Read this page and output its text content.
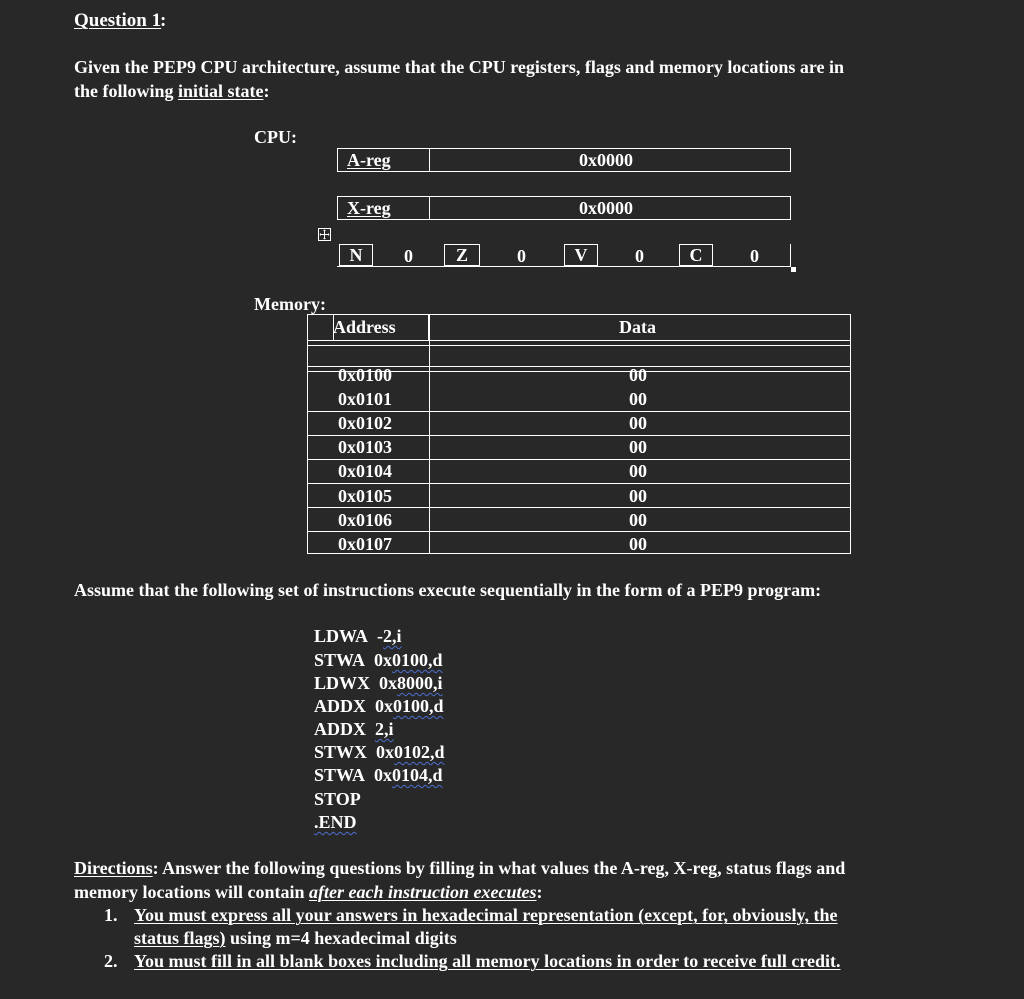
Question 1
:
Given the PEP9 CPU architecture, assume that the CPU registers, flags and memory locations are in
the following initial state:
CPU:
A-reg	0x0000
X-reg	0x0000
N	0	Z	0	V	0	C	0
Memory:
Address	Data
0x0100	00
0x0101	00
0x0102	00
0x0103	00
0x0104	00
0x0105	00
0x0106	00
0x0107	00
Assume that the following set of instructions execute sequentially in the form of a PEP9 program:
LDWA -2,i
STWA 0x0100,d
LDWX 0x8000,i
ADDX 0x0100,d
ADDX 2,i
STWX 0x0102,d
STWA 0x0104,d
STOP
.END
Directions: Answer the following questions by filling in what values the A-reg, X-reg, status flags and
memory locations will contain after each instruction executes:
1. You must express all your answers in hexadecimal representation (except, for, obviously, the
status flags) using m=4 hexadecimal digits
2. You must fill in all blank boxes including all memory locations in order to receive full credit.
